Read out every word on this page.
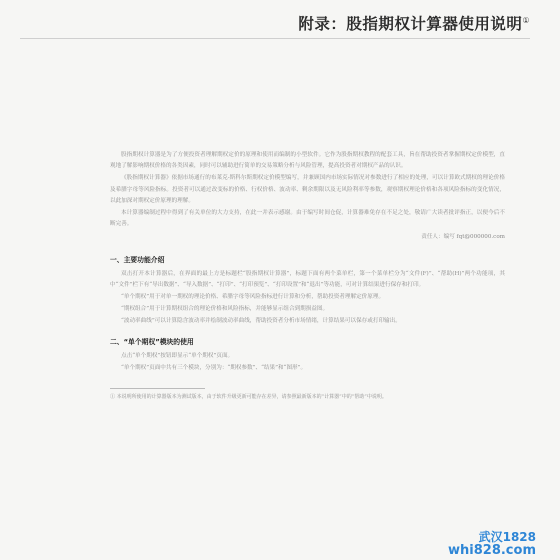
附录：股指期权计算器使用说明①

股指期权计算器是为了方便投资者理解期权定价的原理和使用而编制的小型软件。它作为股指期权教程的配套工具，旨在帮助投资者掌握期权定价模型，直观地了解影响期权价格的各类因素，同时可以辅助进行简单的交易策略分析与风险管理，提高投资者对期权产品的认识。

《股指期权计算器》依据市场通行的布莱克-斯科尔斯期权定价模型编写，并兼顾国内市场实际情况对参数进行了相应的处理，可以计算欧式期权的理论价格及希腊字母等风险指标。投资者可以通过改变标的价格、行权价格、波动率、剩余期限以及无风险利率等参数，观察期权理论价格和各项风险指标的变化情况，以此加深对期权定价原理的理解。

本计算器编制过程中得到了有关单位的大力支持，在此一并表示感谢。由于编写时间仓促，计算器难免存在不足之处，敬请广大读者批评指正，以便今后不断完善。

责任人：编写 fqt@000000.com

一、主要功能介绍

双击打开本计算器后，在界面的最上方是标题栏“股指期权计算器”，标题下面有两个菜单栏，第一个菜单栏分为“文件(F)”、“帮助(H)”两个功能项，其中“文件”栏下有“导出数据”、“导入数据”、“打印”、“打印预览”、“打印设置”和“退出”等功能，可对计算结果进行保存和打印。

“单个期权”用于对单一期权的理论价格、希腊字母等风险指标进行计算和分析，帮助投资者理解定价原理。

“期权组合”用于计算期权组合的理论价格和风险指标，并能够显示组合到期损益图。

“波动率曲线”可以计算隐含波动率并绘制波动率曲线，帮助投资者分析市场情绪，计算结果可以保存或打印输出。

二、“单个期权”模块的使用

点击“单个期权”按钮即显示“单个期权”页面。

“单个期权”页面中共有三个模块，分别为：“期权参数”、“结果”和“图形”。

① 本说明所使用的计算器版本为测试版本，由于软件升级更新可能存在差异，请参照最新版本的“计算器”中的“帮助”中说明。
武汉1828
whi828.com
